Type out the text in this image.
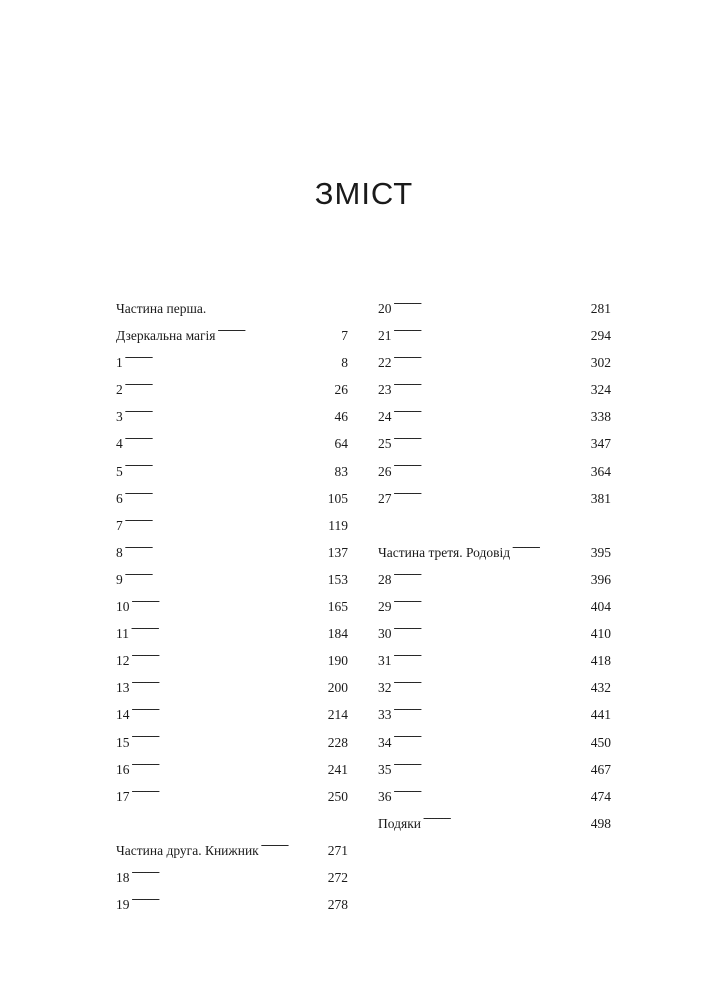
ЗМІСТ
Частина перша.
Дзеркальна магія . . .	7
1 . . .	8
2 . . .	26
3 . . .	46
4 . . .	64
5 . . .	83
6 . . .	105
7 . . .	119
8 . . .	137
9 . . .	153
10 . . .	165
11 . . .	184
12 . . .	190
13 . . .	200
14 . . .	214
15 . . .	228
16 . . .	241
17 . . .	250
Частина друга. Книжник . . .	271
18 . . .	272
19 . . .	278
20 . . .	281
21 . . .	294
22 . . .	302
23 . . .	324
24 . . .	338
25 . . .	347
26 . . .	364
27 . . .	381
Частина третя. Родовід . . .	395
28 . . .	396
29 . . .	404
30 . . .	410
31 . . .	418
32 . . .	432
33 . . .	441
34 . . .	450
35 . . .	467
36 . . .	474
Подяки . . .	498
